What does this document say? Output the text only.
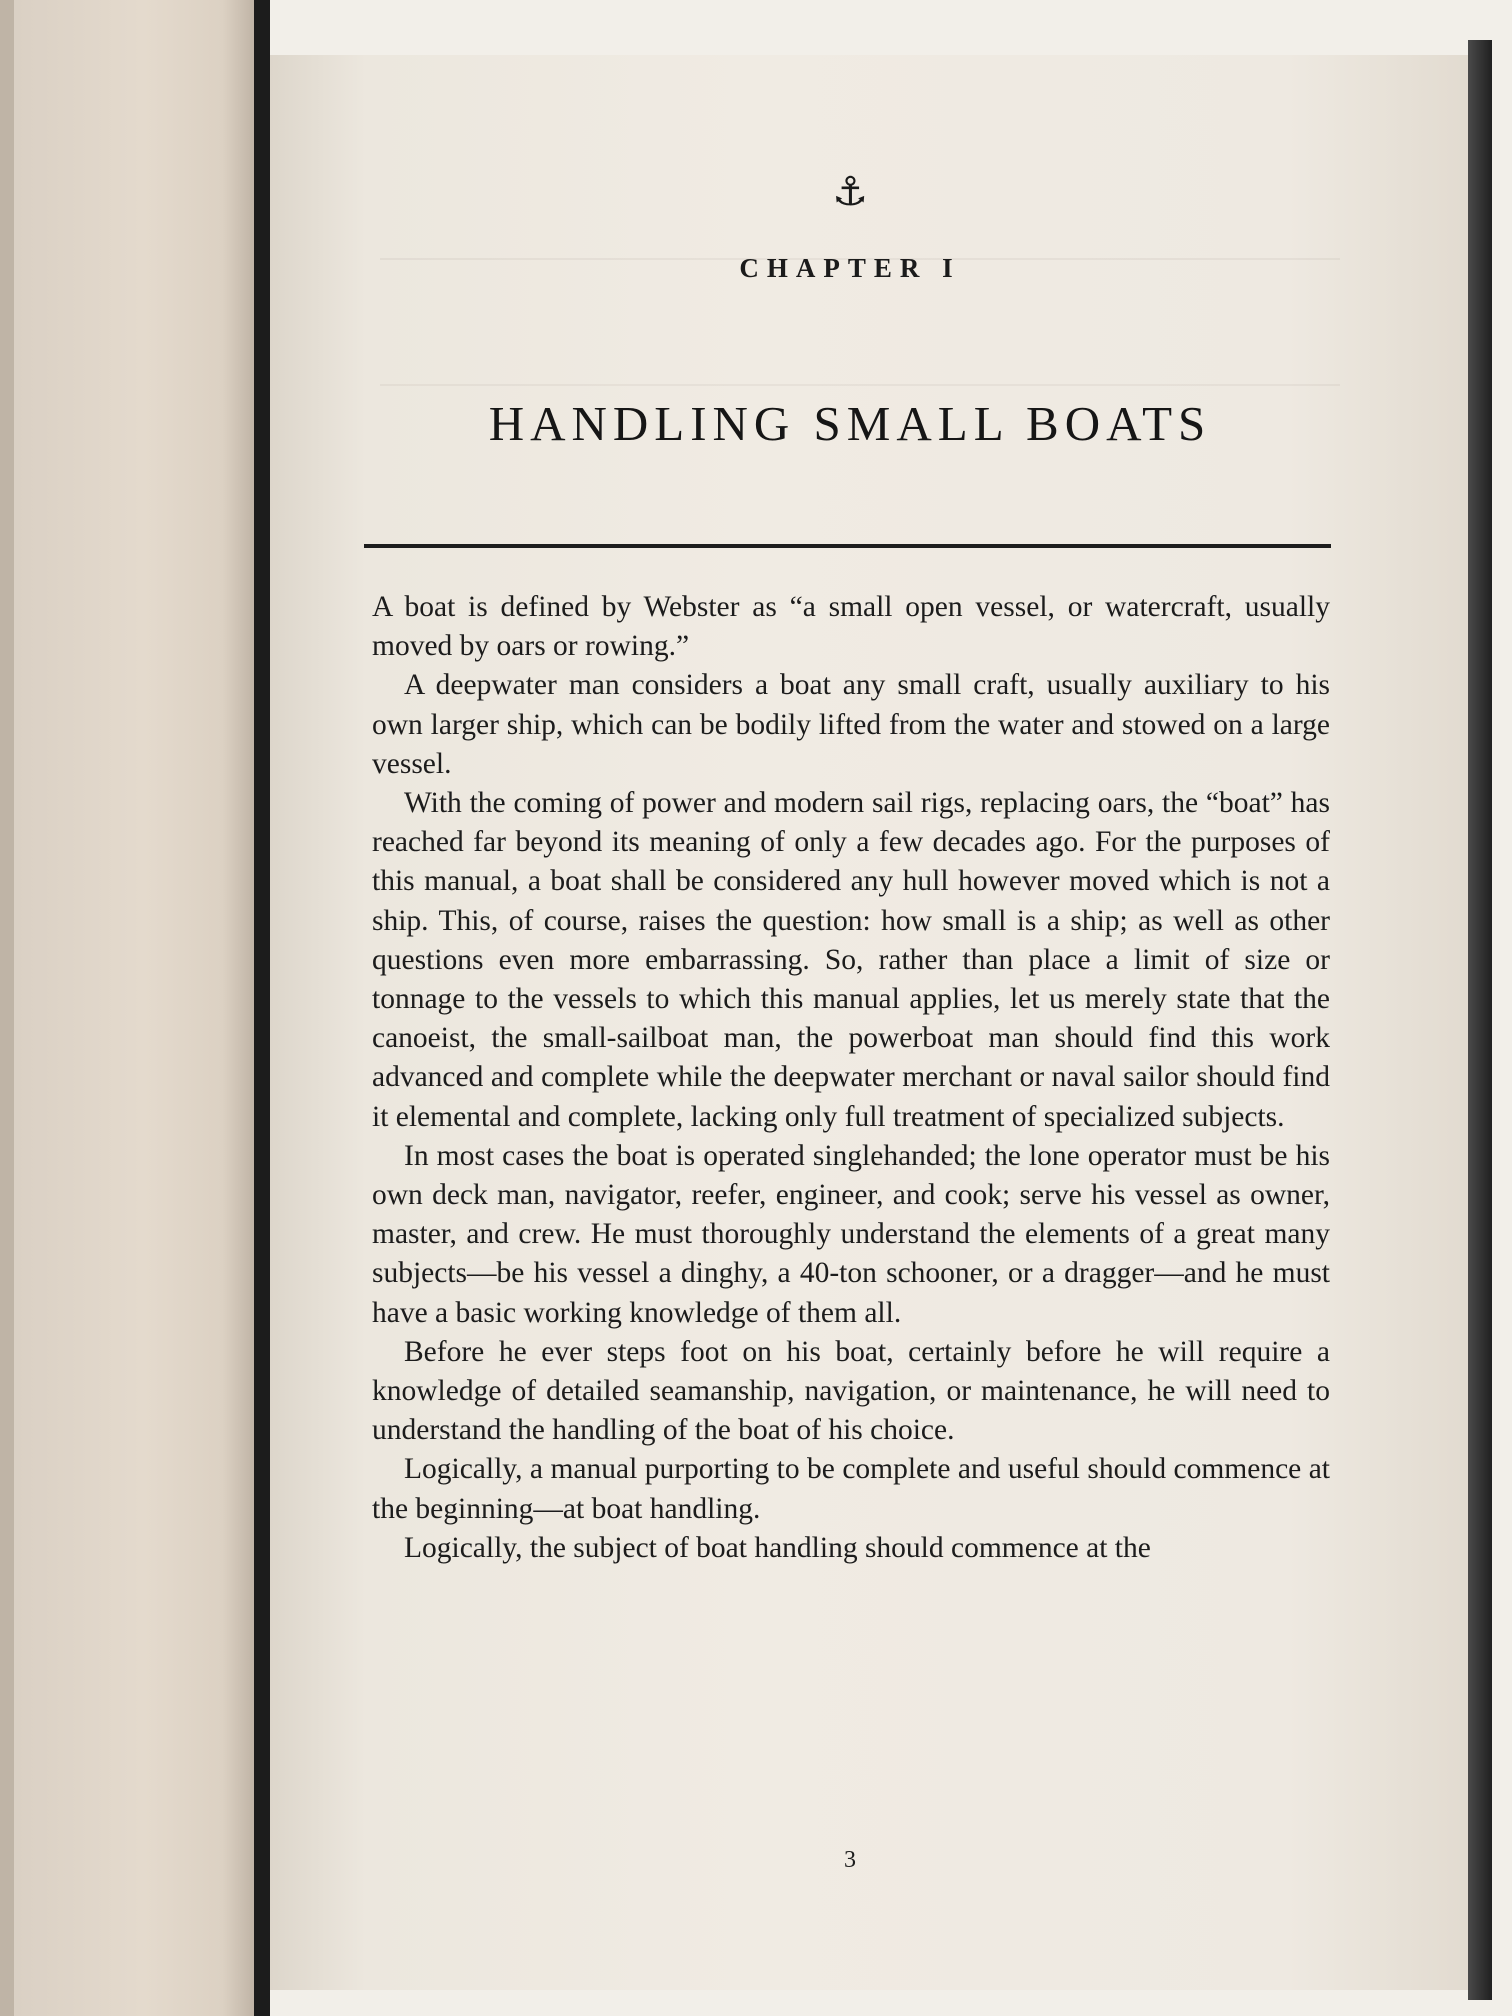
⚓
CHAPTER I
HANDLING SMALL BOATS

A boat is defined by Webster as “a small open vessel, or watercraft, usually moved by oars or rowing.”

A deepwater man considers a boat any small craft, usually auxiliary to his own larger ship, which can be bodily lifted from the water and stowed on a large vessel.

With the coming of power and modern sail rigs, replacing oars, the “boat” has reached far beyond its meaning of only a few decades ago. For the purposes of this manual, a boat shall be considered any hull however moved which is not a ship. This, of course, raises the question: how small is a ship; as well as other questions even more embarrassing. So, rather than place a limit of size or tonnage to the vessels to which this manual applies, let us merely state that the canoeist, the small-sailboat man, the powerboat man should find this work advanced and complete while the deepwater merchant or naval sailor should find it elemental and complete, lacking only full treatment of specialized subjects.

In most cases the boat is operated singlehanded; the lone operator must be his own deck man, navigator, reefer, engineer, and cook; serve his vessel as owner, master, and crew. He must thoroughly understand the elements of a great many subjects—be his vessel a dinghy, a 40-ton schooner, or a dragger—and he must have a basic working knowledge of them all.

Before he ever steps foot on his boat, certainly before he will require a knowledge of detailed seamanship, navigation, or maintenance, he will need to understand the handling of the boat of his choice.

Logically, a manual purporting to be complete and useful should commence at the beginning—at boat handling.

Logically, the subject of boat handling should commence at the

3
